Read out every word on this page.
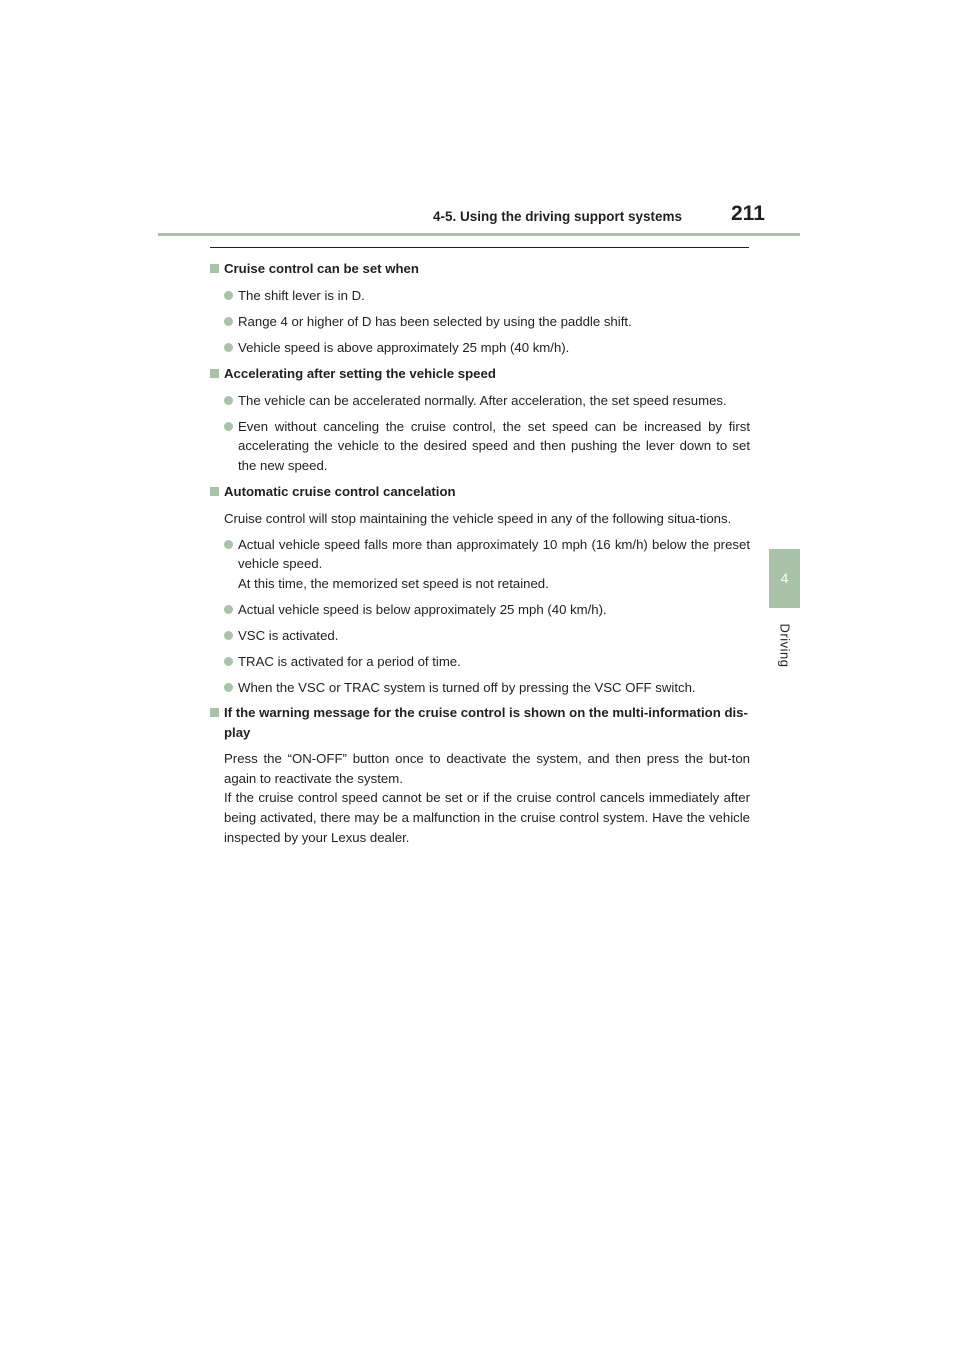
4-5. Using the driving support systems 211
4
Driving
Cruise control can be set when
The shift lever is in D.
Range 4 or higher of D has been selected by using the paddle shift.
Vehicle speed is above approximately 25 mph (40 km/h).
Accelerating after setting the vehicle speed
The vehicle can be accelerated normally. After acceleration, the set speed resumes.
Even without canceling the cruise control, the set speed can be increased by first accelerating the vehicle to the desired speed and then pushing the lever down to set the new speed.
Automatic cruise control cancelation
Cruise control will stop maintaining the vehicle speed in any of the following situa-tions.
Actual vehicle speed falls more than approximately 10 mph (16 km/h) below the preset vehicle speed.
At this time, the memorized set speed is not retained.
Actual vehicle speed is below approximately 25 mph (40 km/h).
VSC is activated.
TRAC is activated for a period of time.
When the VSC or TRAC system is turned off by pressing the VSC OFF switch.
If the warning message for the cruise control is shown on the multi-information dis-play
Press the “ON-OFF” button once to deactivate the system, and then press the but-ton again to reactivate the system.
If the cruise control speed cannot be set or if the cruise control cancels immediately after being activated, there may be a malfunction in the cruise control system. Have the vehicle inspected by your Lexus dealer.
